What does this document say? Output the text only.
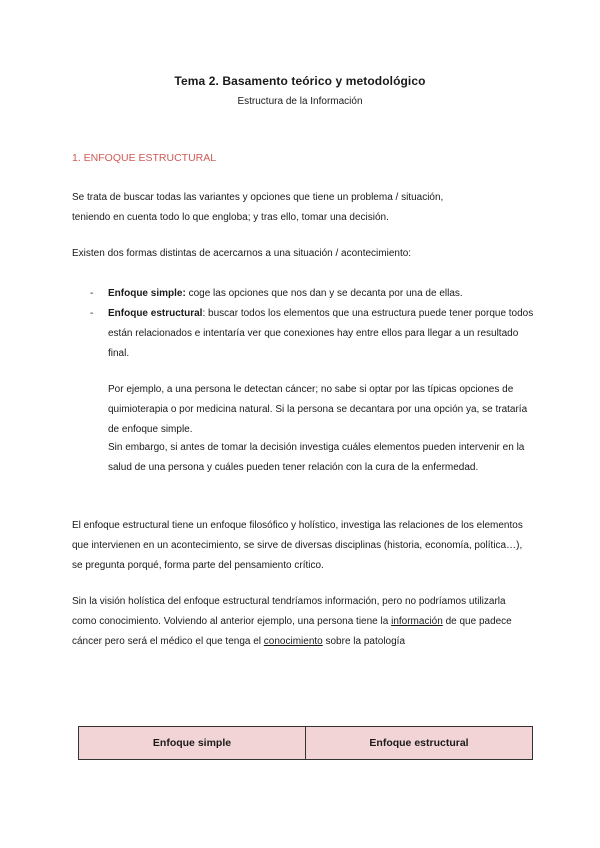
Tema 2. Basamento teórico y metodológico
Estructura de la Información
1. ENFOQUE ESTRUCTURAL

Se trata de buscar todas las variantes y opciones que tiene un problema / situación,
teniendo en cuenta todo lo que engloba; y tras ello, tomar una decisión.

Existen dos formas distintas de acercarnos a una situación / acontecimiento:

- Enfoque simple: coge las opciones que nos dan y se decanta por una de ellas.
- Enfoque estructural: buscar todos los elementos que una estructura puede tener porque todos están relacionados e intentaría ver que conexiones hay entre ellos para llegar a un resultado final.

Por ejemplo, a una persona le detectan cáncer; no sabe si optar por las típicas opciones de quimioterapia o por medicina natural. Si la persona se decantara por una opción ya, se trataría de enfoque simple.

Sin embargo, si antes de tomar la decisión investiga cuáles elementos pueden intervenir en la salud de una persona y cuáles pueden tener relación con la cura de la enfermedad.

El enfoque estructural tiene un enfoque filosófico y holístico, investiga las relaciones de los elementos que intervienen en un acontecimiento, se sirve de diversas disciplinas (historia, economía, política…), se pregunta porqué, forma parte del pensamiento crítico.

Sin la visión holística del enfoque estructural tendríamos información, pero no podríamos utilizarla como conocimiento. Volviendo al anterior ejemplo, una persona tiene la información de que padece cáncer pero será el médico el que tenga el conocimiento sobre la patología

Enfoque simple	Enfoque estructural
